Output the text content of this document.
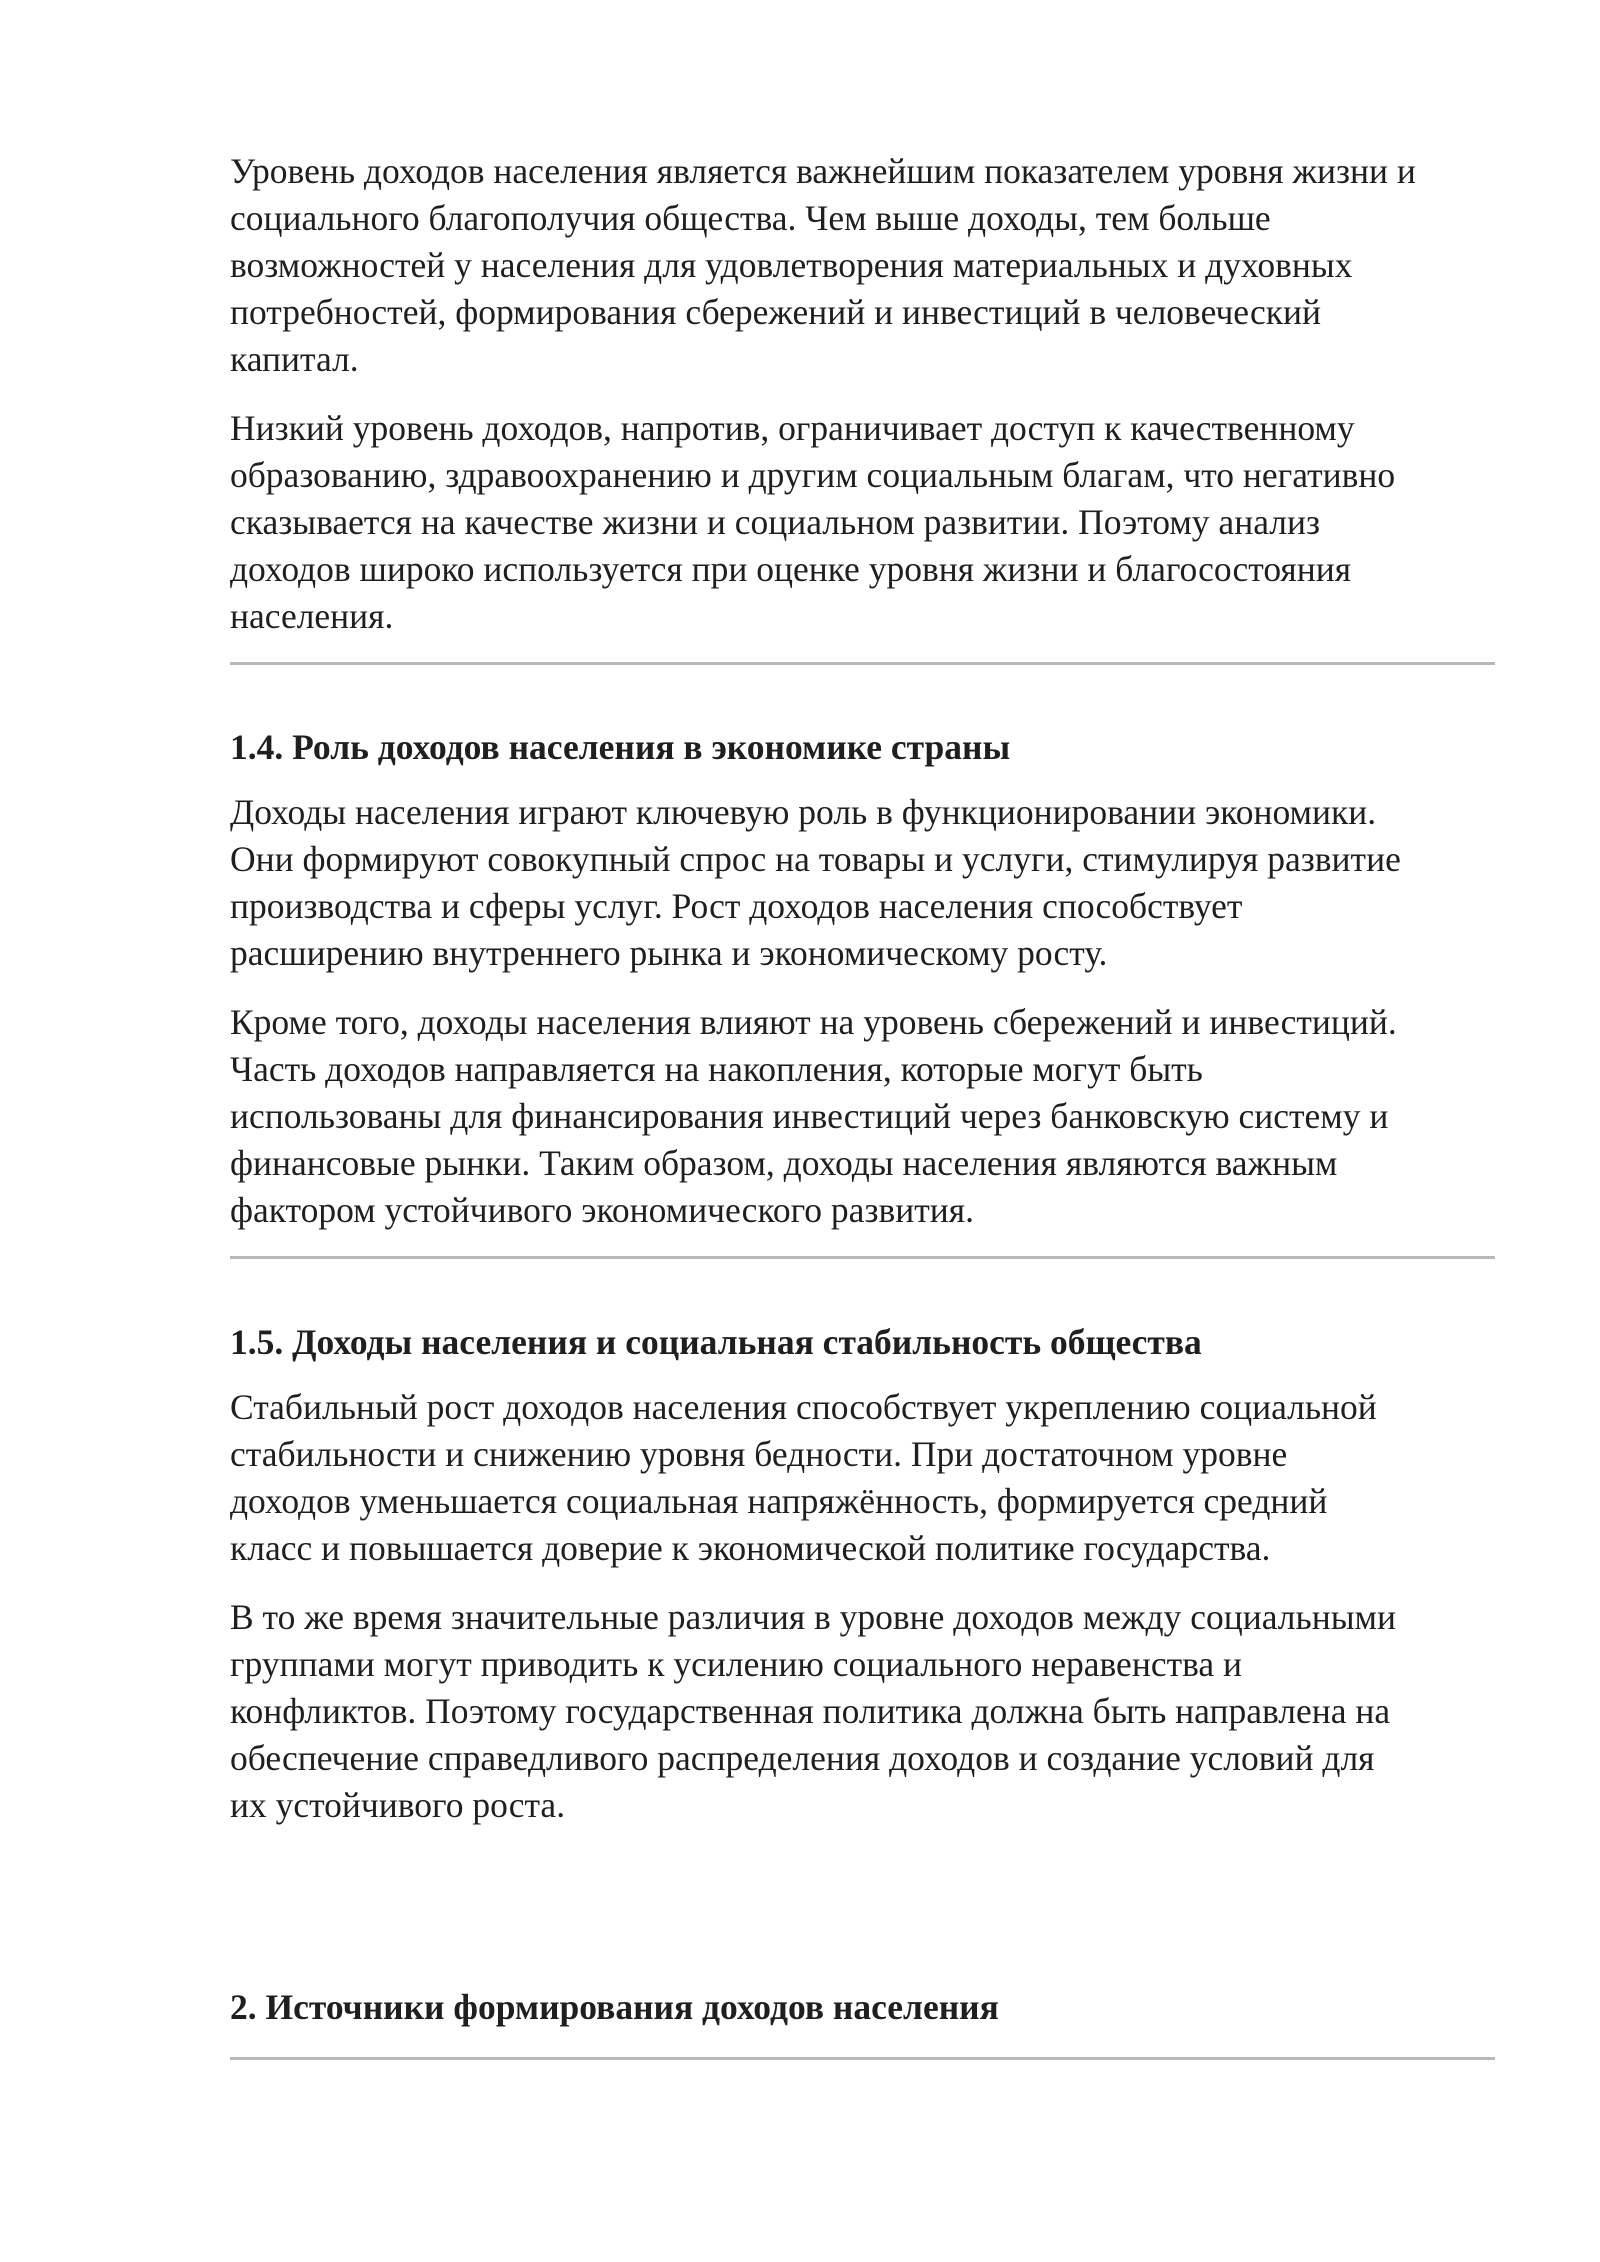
Уровень доходов населения является важнейшим показателем уровня жизни и
социального благополучия общества. Чем выше доходы, тем больше
возможностей у населения для удовлетворения материальных и духовных
потребностей, формирования сбережений и инвестиций в человеческий
капитал.

Низкий уровень доходов, напротив, ограничивает доступ к качественному
образованию, здравоохранению и другим социальным благам, что негативно
сказывается на качестве жизни и социальном развитии. Поэтому анализ
доходов широко используется при оценке уровня жизни и благосостояния
населения.

1.4. Роль доходов населения в экономике страны

Доходы населения играют ключевую роль в функционировании экономики.
Они формируют совокупный спрос на товары и услуги, стимулируя развитие
производства и сферы услуг. Рост доходов населения способствует
расширению внутреннего рынка и экономическому росту.

Кроме того, доходы населения влияют на уровень сбережений и инвестиций.
Часть доходов направляется на накопления, которые могут быть
использованы для финансирования инвестиций через банковскую систему и
финансовые рынки. Таким образом, доходы населения являются важным
фактором устойчивого экономического развития.

1.5. Доходы населения и социальная стабильность общества

Стабильный рост доходов населения способствует укреплению социальной
стабильности и снижению уровня бедности. При достаточном уровне
доходов уменьшается социальная напряжённость, формируется средний
класс и повышается доверие к экономической политике государства.

В то же время значительные различия в уровне доходов между социальными
группами могут приводить к усилению социального неравенства и
конфликтов. Поэтому государственная политика должна быть направлена на
обеспечение справедливого распределения доходов и создание условий для
их устойчивого роста.

2. Источники формирования доходов населения
